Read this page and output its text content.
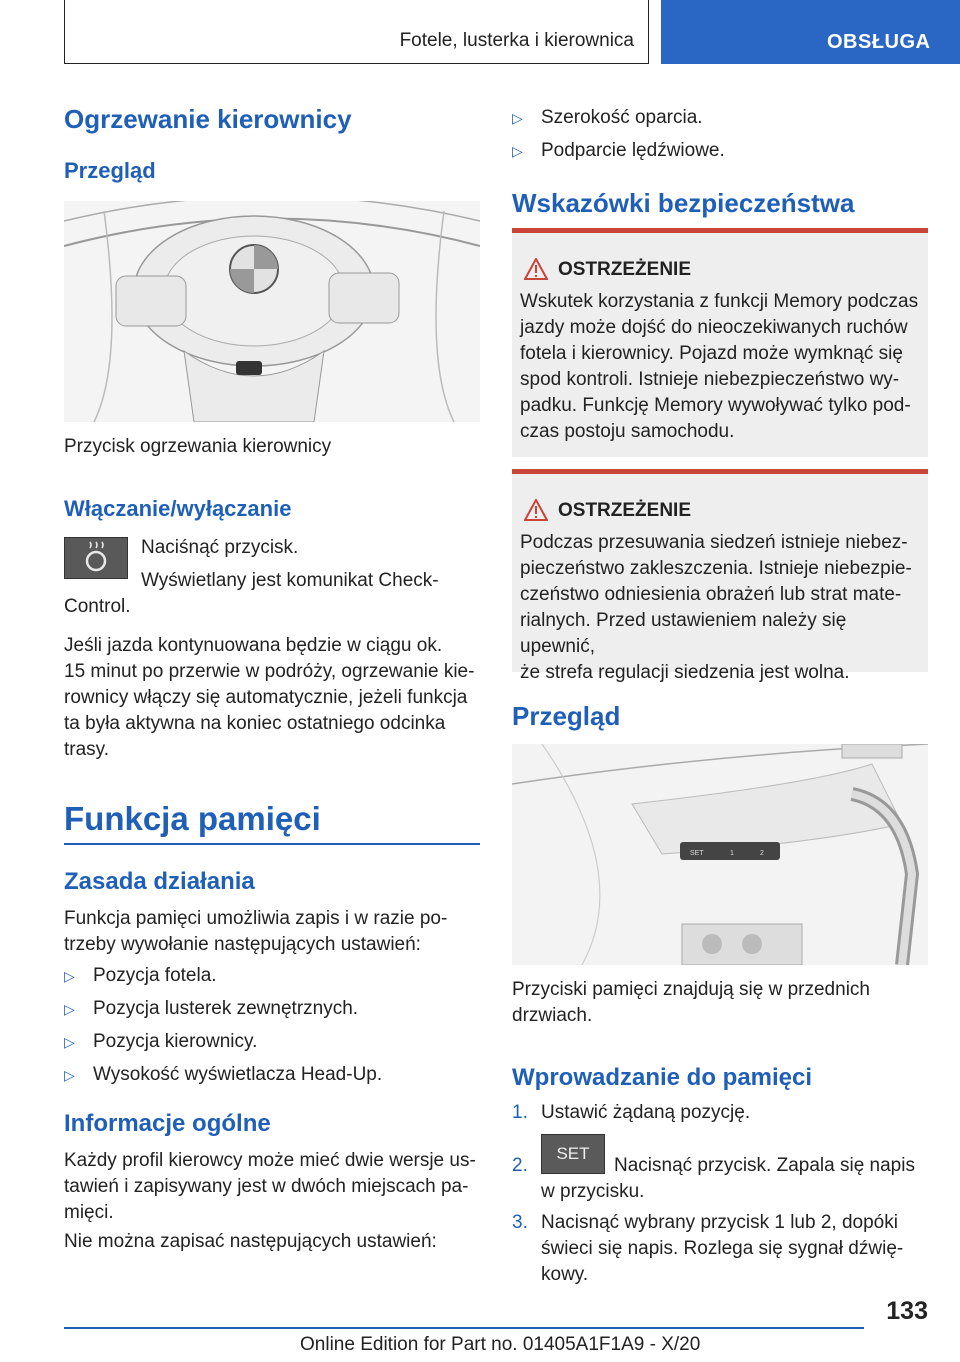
Fotele, lusterka i kierownica	OBSŁUGA
Ogrzewanie kierownicy
Przegląd
Przycisk ogrzewania kierownicy
Włączanie/wyłączanie
Naciśnąć przycisk.
Wyświetlany jest komunikat Check-
Control.
Jeśli jazda kontynuowana będzie w ciągu ok.
15 minut po przerwie w podróży, ogrzewanie kie-
rownicy włączy się automatycznie, jeżeli funkcja
ta była aktywna na koniec ostatniego odcinka
trasy.
Funkcja pamięci
Zasada działania
Funkcja pamięci umożliwia zapis i w razie po-
trzeby wywołanie następujących ustawień:
▷ Pozycja fotela.
▷ Pozycja lusterek zewnętrznych.
▷ Pozycja kierownicy.
▷ Wysokość wyświetlacza Head-Up.
Informacje ogólne
Każdy profil kierowcy może mieć dwie wersje us-
tawień i zapisywany jest w dwóch miejscach pa-
mięci.
Nie można zapisać następujących ustawień:
▷ Szerokość oparcia.
▷ Podparcie lędźwiowe.
Wskazówki bezpieczeństwa
OSTRZEŻENIE
Wskutek korzystania z funkcji Memory podczas
jazdy może dojść do nieoczekiwanych ruchów
fotela i kierownicy. Pojazd może wymknąć się
spod kontroli. Istnieje niebezpieczeństwo wy-
padku. Funkcję Memory wywoływać tylko pod-
czas postoju samochodu.
OSTRZEŻENIE
Podczas przesuwania siedzeń istnieje niebez-
pieczeństwo zakleszczenia. Istnieje niebezpie-
czeństwo odniesienia obrażeń lub strat mate-
rialnych. Przed ustawieniem należy się upewnić,
że strefa regulacji siedzenia jest wolna.
Przegląd
SET	1	2
Przyciski pamięci znajdują się w przednich
drzwiach.
Wprowadzanie do pamięci
1. Ustawić żądaną pozycję.
2.
SET
Nacisnąć przycisk. Zapala się napis
w przycisku.
3. Nacisnąć wybrany przycisk 1 lub 2, dopóki
świeci się napis. Rozlega się sygnał dźwię-
kowy.
133
Online Edition for Part no. 01405A1F1A9 - X/20
